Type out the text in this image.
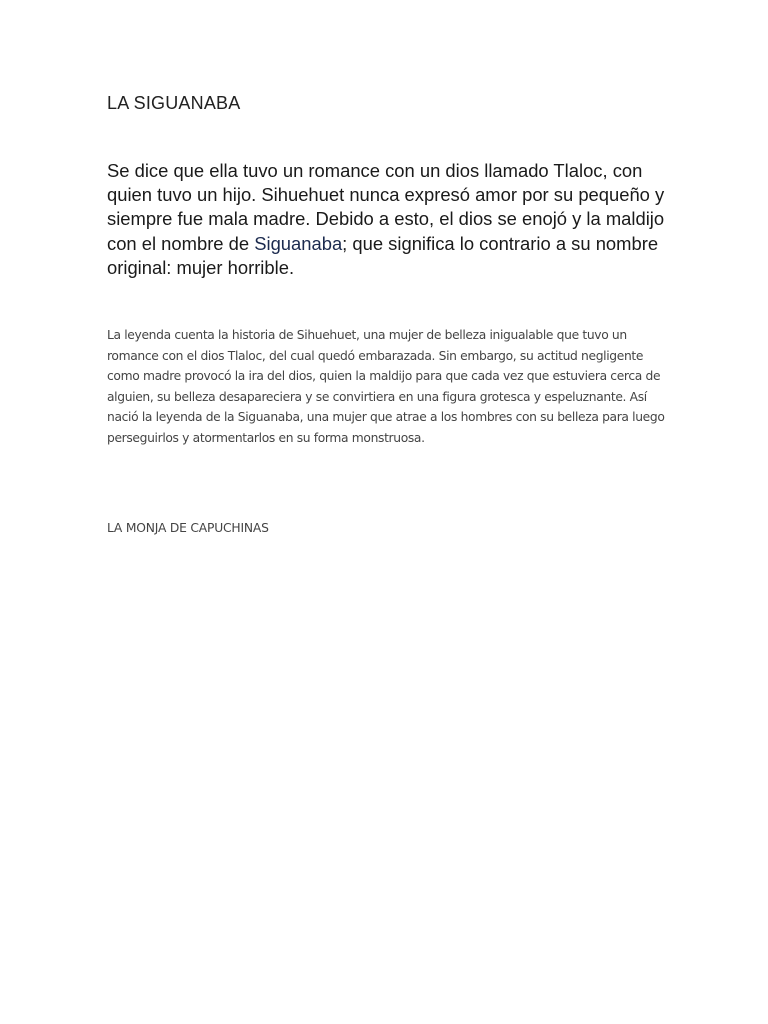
LA SIGUANABA

Se dice que ella tuvo un romance con un dios llamado Tlaloc, con quien tuvo un hijo. Sihuehuet nunca expresó amor por su pequeño y siempre fue mala madre. Debido a esto, el dios se enojó y la maldijo con el nombre de Siguanaba; que significa lo contrario a su nombre original: mujer horrible.

La leyenda cuenta la historia de Sihuehuet, una mujer de belleza inigualable que tuvo un romance con el dios Tlaloc, del cual quedó embarazada. Sin embargo, su actitud negligente como madre provocó la ira del dios, quien la maldijo para que cada vez que estuviera cerca de alguien, su belleza desapareciera y se convirtiera en una figura grotesca y espeluznante. Así nació la leyenda de la Siguanaba, una mujer que atrae a los hombres con su belleza para luego perseguirlos y atormentarlos en su forma monstruosa.

LA MONJA DE CAPUCHINAS
